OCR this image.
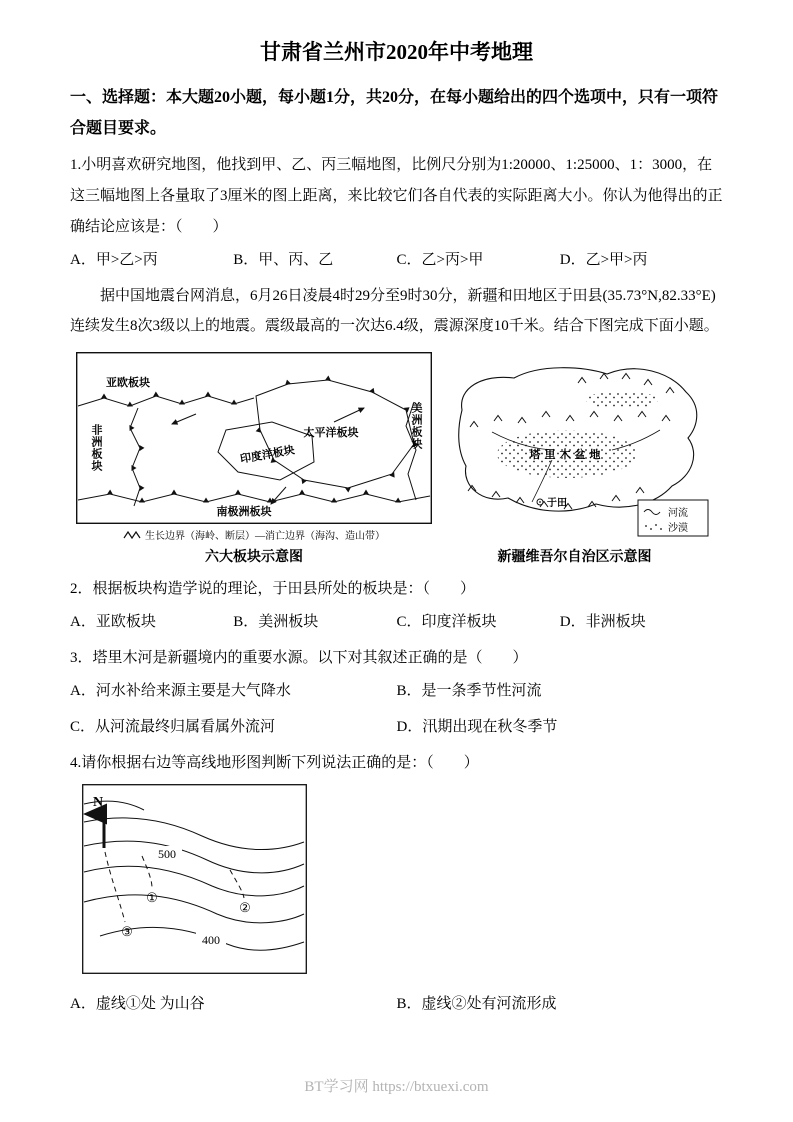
甘肃省兰州市2020年中考地理
一、选择题：本大题20小题，每小题1分，共20分，在每小题给出的四个选项中，只有一项符合题目要求。

1.小明喜欢研究地图，他找到甲、乙、丙三幅地图，比例尺分别为1:20000、1:25000、1：3000，在这三幅地图上各量取了3厘米的图上距离，来比较它们各自代表的实际距离大小。你认为他得出的正确结论应该是：（　　）

A．甲>乙>丙	B．甲、丙、乙	C．乙>丙>甲	D．乙>甲>丙

据中国地震台网消息，6月26日凌晨4时29分至9时30分，新疆和田地区于田县(35.73°N,82.33°E)连续发生8次3级以上的地震。震级最高的一次达6.4级，震源深度10千米。结合下图完成下面小题。

亚欧板块
太平洋板块
印度洋板块
南极洲板块
非洲板块	美洲板块
生长边界（海岭、断层）—消亡边界（海沟、造山带）
六大板块示意图
塔里木盆地
于田
河流
沙漠
新疆维吾尔自治区示意图

2．根据板块构造学说的理论，于田县所处的板块是：（　　）

A．亚欧板块	B．美洲板块	C．印度洋板块	D．非洲板块

3．塔里木河是新疆境内的重要水源。以下对其叙述正确的是（　　）

A．河水补给来源主要是大气降水	B．是一条季节性河流
C．从河流最终归属看属外流河	D．汛期出现在秋冬季节

4.请你根据右边等高线地形图判断下列说法正确的是：（　　）

N
500
400
①
②
③
A．虚线①处 为山谷	B．虚线②处有河流形成
BT学习网 https://btxuexi.com
